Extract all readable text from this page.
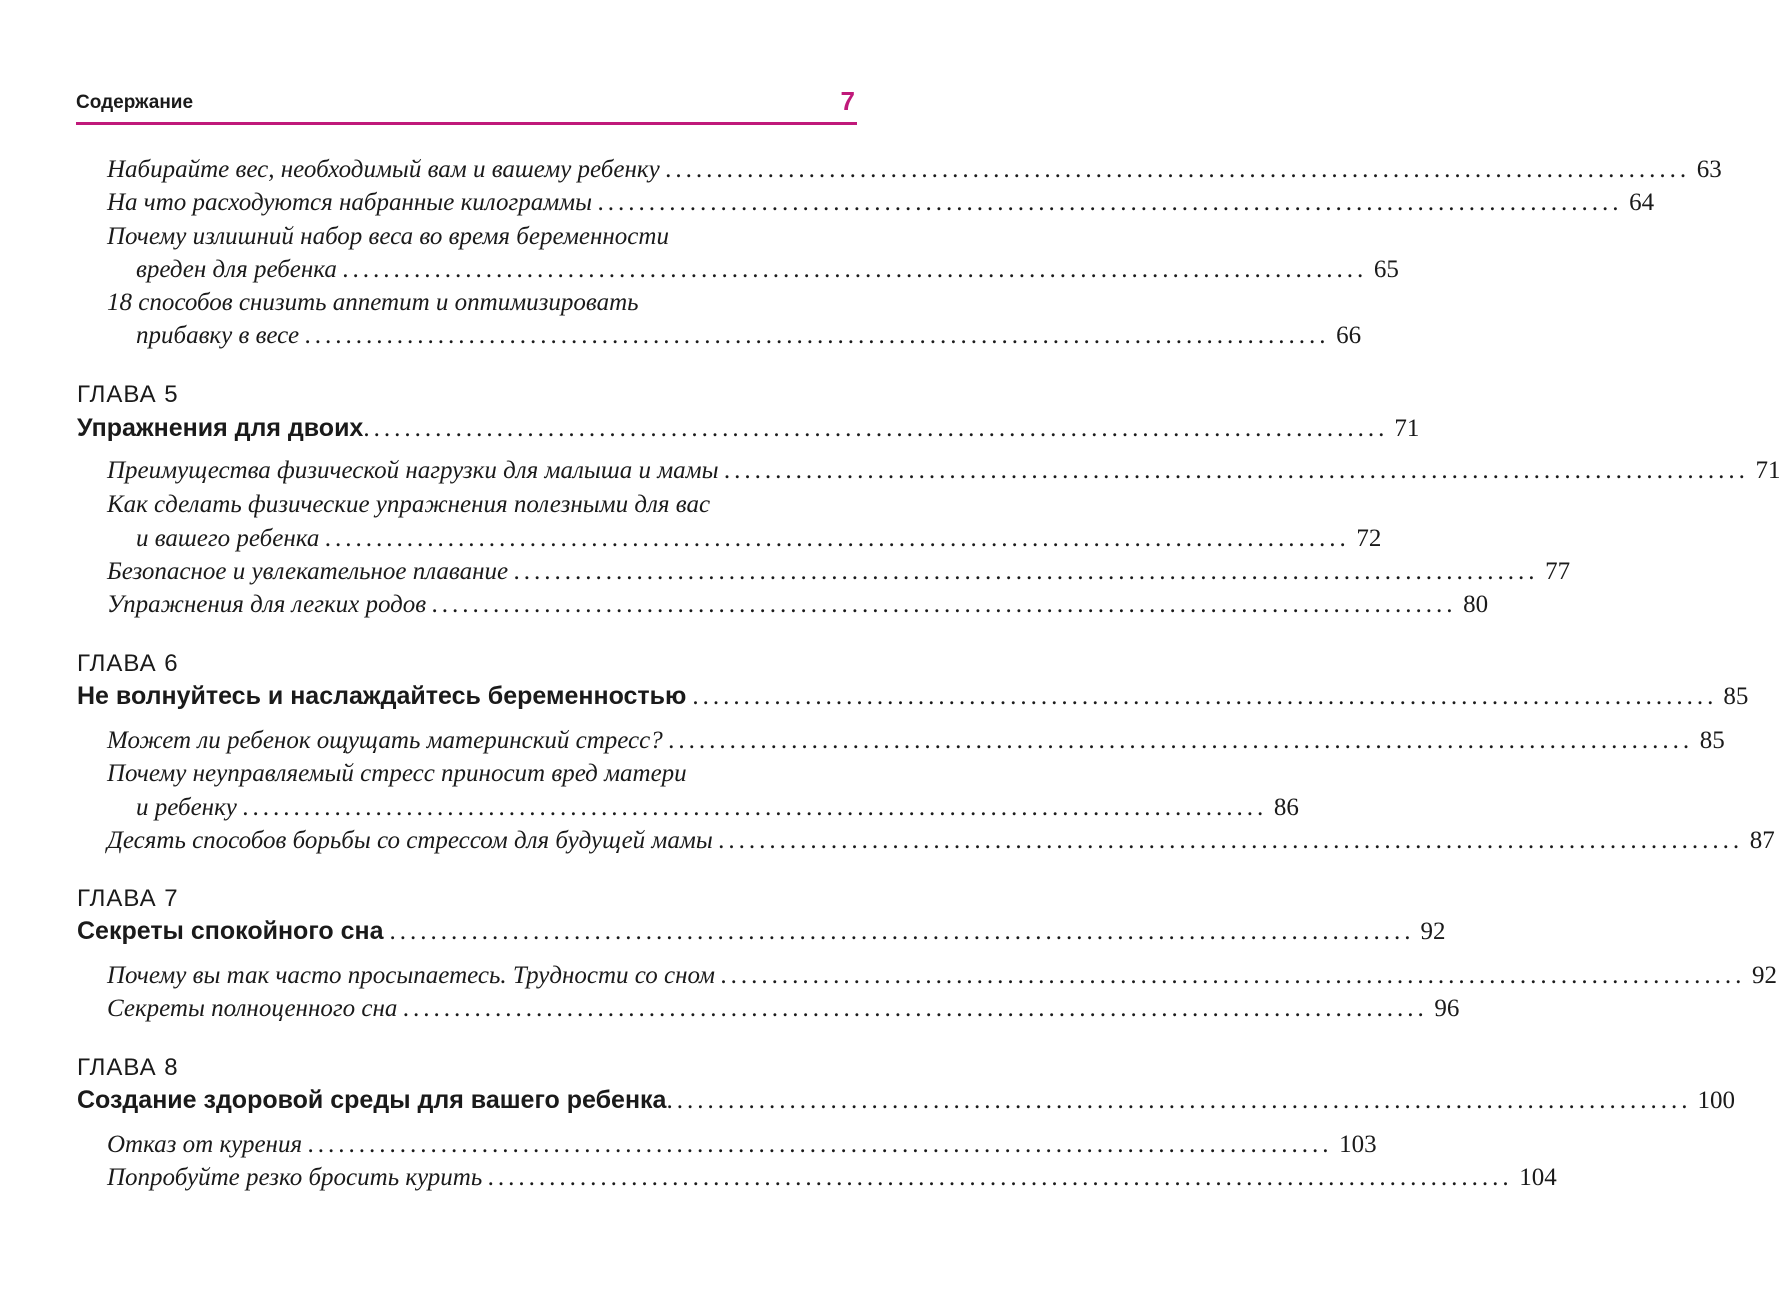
Содержание	7
Набирайте вес, необходимый вам и вашему ребенку .................................................................................................... 63
На что расходуются набранные килограммы .................................................................................................... 64
Почему излишний набор веса во время беременности
вреден для ребенка .................................................................................................... 65
18 способов снизить аппетит и оптимизировать
прибавку в весе .................................................................................................... 66
ГЛАВА 5
Упражнения для двоих .................................................................................................... 71
Преимущества физической нагрузки для малыша и мамы .................................................................................................... 71
Как сделать физические упражнения полезными для вас
и вашего ребенка .................................................................................................... 72
Безопасное и увлекательное плавание .................................................................................................... 77
Упражнения для легких родов .................................................................................................... 80
ГЛАВА 6
Не волнуйтесь и наслаждайтесь беременностью .................................................................................................... 85
Может ли ребенок ощущать материнский стресс? .................................................................................................... 85
Почему неуправляемый стресс приносит вред матери
и ребенку .................................................................................................... 86
Десять способов борьбы со стрессом для будущей мамы .................................................................................................... 87
ГЛАВА 7
Секреты спокойного сна .................................................................................................... 92
Почему вы так часто просыпаетесь. Трудности со сном .................................................................................................... 92
Секреты полноценного сна .................................................................................................... 96
ГЛАВА 8
Создание здоровой среды для вашего ребенка .................................................................................................... 100
Отказ от курения .................................................................................................... 103
Попробуйте резко бросить курить .................................................................................................... 104
